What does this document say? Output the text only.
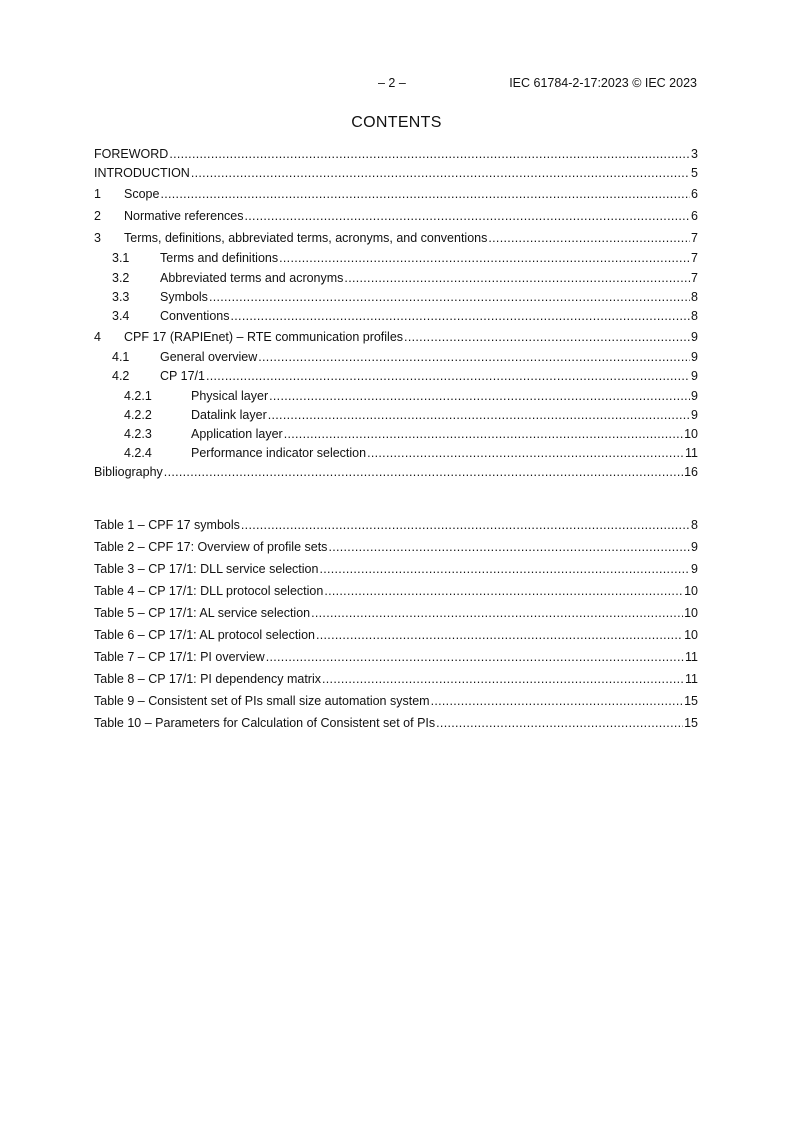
– 2 –	IEC 61784-2-17:2023 © IEC 2023
CONTENTS
FOREWORD .....	3
INTRODUCTION .....	5
1	Scope .....	6
2	Normative references .....	6
3	Terms, definitions, abbreviated terms, acronyms, and conventions .....	7
3.1	Terms and definitions .....	7
3.2	Abbreviated terms and acronyms .....	7
3.3	Symbols .....	8
3.4	Conventions .....	8
4	CPF 17 (RAPIEnet) – RTE communication profiles .....	9
4.1	General overview .....	9
4.2	CP 17/1 .....	9
4.2.1	Physical layer .....	9
4.2.2	Datalink layer .....	9
4.2.3	Application layer .....	10
4.2.4	Performance indicator selection .....	11
Bibliography .....	16
Table 1 – CPF 17 symbols .....	8
Table 2 – CPF 17: Overview of profile sets .....	9
Table 3 – CP 17/1: DLL service selection .....	9
Table 4 – CP 17/1: DLL protocol selection .....	10
Table 5 – CP 17/1: AL service selection .....	10
Table 6 – CP 17/1: AL protocol selection .....	10
Table 7 – CP 17/1: PI overview .....	11
Table 8 – CP 17/1: PI dependency matrix .....	11
Table 9 – Consistent set of PIs small size automation system .....	15
Table 10 – Parameters for Calculation of Consistent set of PIs .....	15
